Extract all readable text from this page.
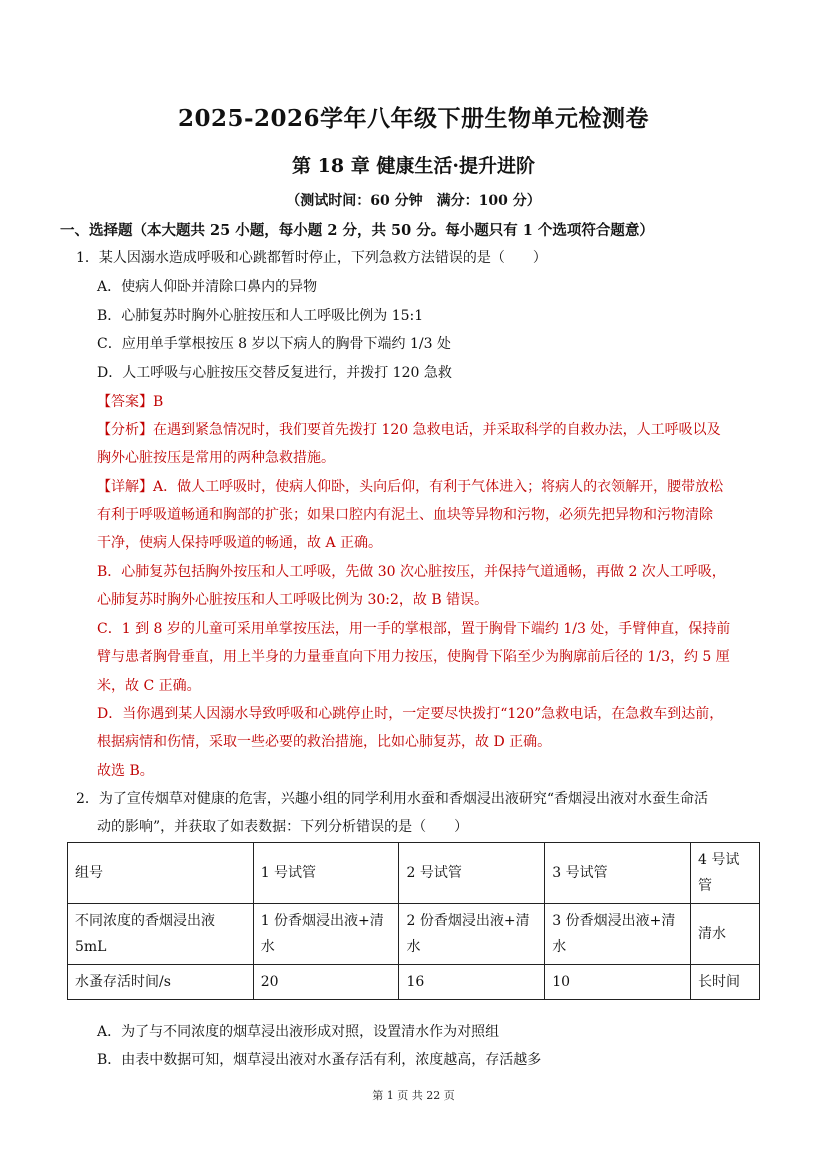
2025-2026学年八年级下册生物单元检测卷
第 18 章 健康生活·提升进阶
（测试时间：60 分钟　满分：100 分）
一、选择题（本大题共 25 小题，每小题 2 分，共 50 分。每小题只有 1 个选项符合题意）
1．某人因溺水造成呼吸和心跳都暂时停止，下列急救方法错误的是（　　）
A．使病人仰卧并清除口鼻内的异物
B．心肺复苏时胸外心脏按压和人工呼吸比例为 15:1
C．应用单手掌根按压 8 岁以下病人的胸骨下端约 1/3 处
D．人工呼吸与心脏按压交替反复进行，并拨打 120 急救
【答案】B
【分析】在遇到紧急情况时，我们要首先拨打 120 急救电话，并采取科学的自救办法，人工呼吸以及
胸外心脏按压是常用的两种急救措施。
【详解】A．做人工呼吸时，使病人仰卧，头向后仰，有利于气体进入；将病人的衣领解开，腰带放松
有利于呼吸道畅通和胸部的扩张；如果口腔内有泥土、血块等异物和污物，必须先把异物和污物清除
干净，使病人保持呼吸道的畅通，故 A 正确。
B．心肺复苏包括胸外按压和人工呼吸，先做 30 次心脏按压，并保持气道通畅，再做 2 次人工呼吸，
心肺复苏时胸外心脏按压和人工呼吸比例为 30:2，故 B 错误。
C．1 到 8 岁的儿童可采用单掌按压法，用一手的掌根部，置于胸骨下端约 1/3 处，手臂伸直，保持前
臂与患者胸骨垂直，用上半身的力量垂直向下用力按压，使胸骨下陷至少为胸廓前后径的 1/3，约 5 厘
米，故 C 正确。
D．当你遇到某人因溺水导致呼吸和心跳停止时，一定要尽快拨打“120”急救电话，在急救车到达前，
根据病情和伤情，采取一些必要的救治措施，比如心肺复苏，故 D 正确。
故选 B。
2．为了宣传烟草对健康的危害，兴趣小组的同学利用水蚕和香烟浸出液研究“香烟浸出液对水蚕生命活
动的影响”，并获取了如表数据：下列分析错误的是（　　）
组号	1 号试管	2 号试管	3 号试管	4 号试管
不同浓度的香烟浸出液 5mL	1 份香烟浸出液+清水	2 份香烟浸出液+清水	3 份香烟浸出液+清水	清水
水蚤存活时间/s	20	16	10	长时间
A．为了与不同浓度的烟草浸出液形成对照，设置清水作为对照组
B．由表中数据可知，烟草浸出液对水蚤存活有利，浓度越高，存活越多
第 1 页 共 22 页
